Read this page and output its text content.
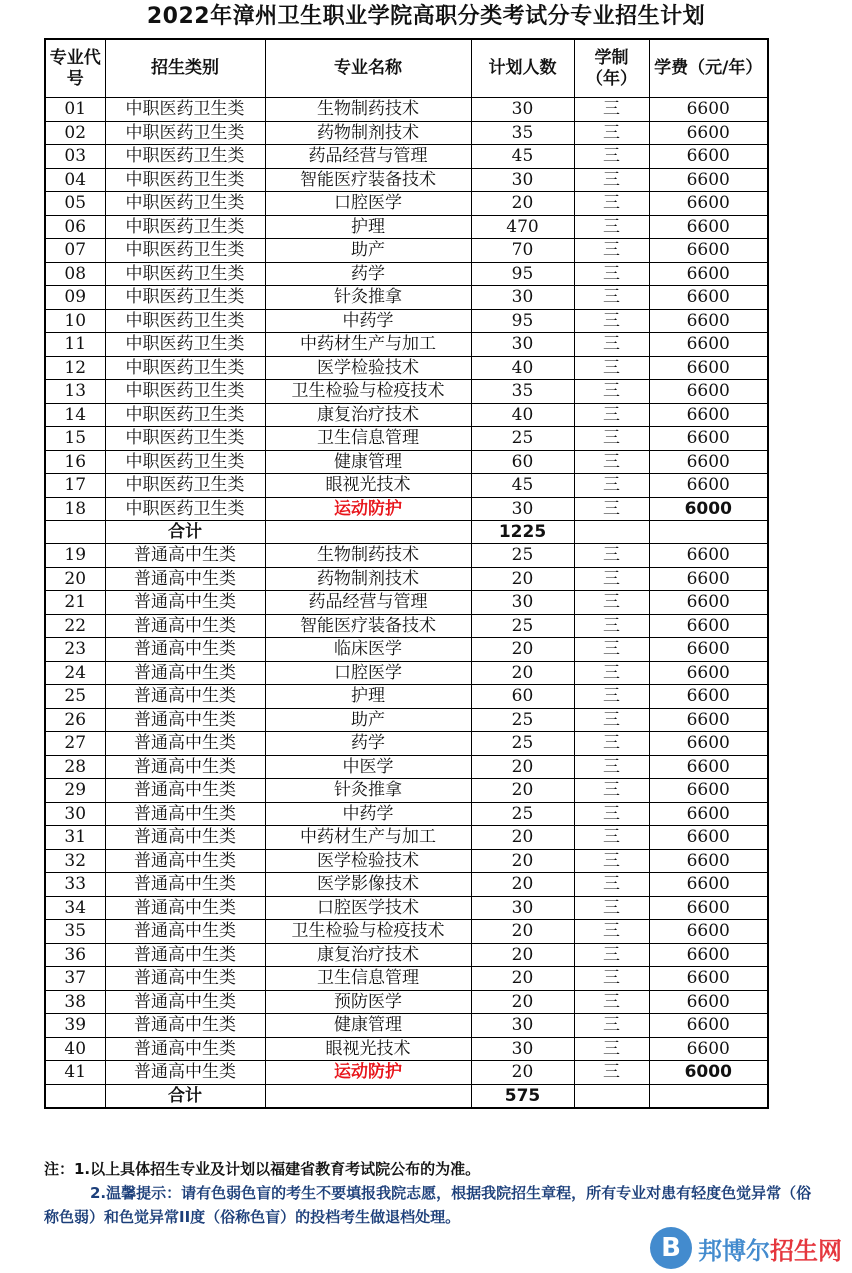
2022年漳州卫生职业学院高职分类考试分专业招生计划
专业代号	招生类别	专业名称	计划人数	学制（年）	学费（元/年）
01	中职医药卫生类	生物制药技术	30	三	6600
02	中职医药卫生类	药物制剂技术	35	三	6600
03	中职医药卫生类	药品经营与管理	45	三	6600
04	中职医药卫生类	智能医疗装备技术	30	三	6600
05	中职医药卫生类	口腔医学	20	三	6600
06	中职医药卫生类	护理	470	三	6600
07	中职医药卫生类	助产	70	三	6600
08	中职医药卫生类	药学	95	三	6600
09	中职医药卫生类	针灸推拿	30	三	6600
10	中职医药卫生类	中药学	95	三	6600
11	中职医药卫生类	中药材生产与加工	30	三	6600
12	中职医药卫生类	医学检验技术	40	三	6600
13	中职医药卫生类	卫生检验与检疫技术	35	三	6600
14	中职医药卫生类	康复治疗技术	40	三	6600
15	中职医药卫生类	卫生信息管理	25	三	6600
16	中职医药卫生类	健康管理	60	三	6600
17	中职医药卫生类	眼视光技术	45	三	6600
18	中职医药卫生类	运动防护	30	三	6000
	合计		1225		
19	普通高中生类	生物制药技术	25	三	6600
20	普通高中生类	药物制剂技术	20	三	6600
21	普通高中生类	药品经营与管理	30	三	6600
22	普通高中生类	智能医疗装备技术	25	三	6600
23	普通高中生类	临床医学	20	三	6600
24	普通高中生类	口腔医学	20	三	6600
25	普通高中生类	护理	60	三	6600
26	普通高中生类	助产	25	三	6600
27	普通高中生类	药学	25	三	6600
28	普通高中生类	中医学	20	三	6600
29	普通高中生类	针灸推拿	20	三	6600
30	普通高中生类	中药学	25	三	6600
31	普通高中生类	中药材生产与加工	20	三	6600
32	普通高中生类	医学检验技术	20	三	6600
33	普通高中生类	医学影像技术	20	三	6600
34	普通高中生类	口腔医学技术	30	三	6600
35	普通高中生类	卫生检验与检疫技术	20	三	6600
36	普通高中生类	康复治疗技术	20	三	6600
37	普通高中生类	卫生信息管理	20	三	6600
38	普通高中生类	预防医学	20	三	6600
39	普通高中生类	健康管理	30	三	6600
40	普通高中生类	眼视光技术	30	三	6600
41	普通高中生类	运动防护	20	三	6000
	合计		575		
注：1.以上具体招生专业及计划以福建省教育考试院公布的为准。
2.温馨提示：请有色弱色盲的考生不要填报我院志愿，根据我院招生章程，所有专业对患有轻度色觉异常（俗称色弱）和色觉异常II度（俗称色盲）的投档考生做退档处理。
B 邦博尔招生网
